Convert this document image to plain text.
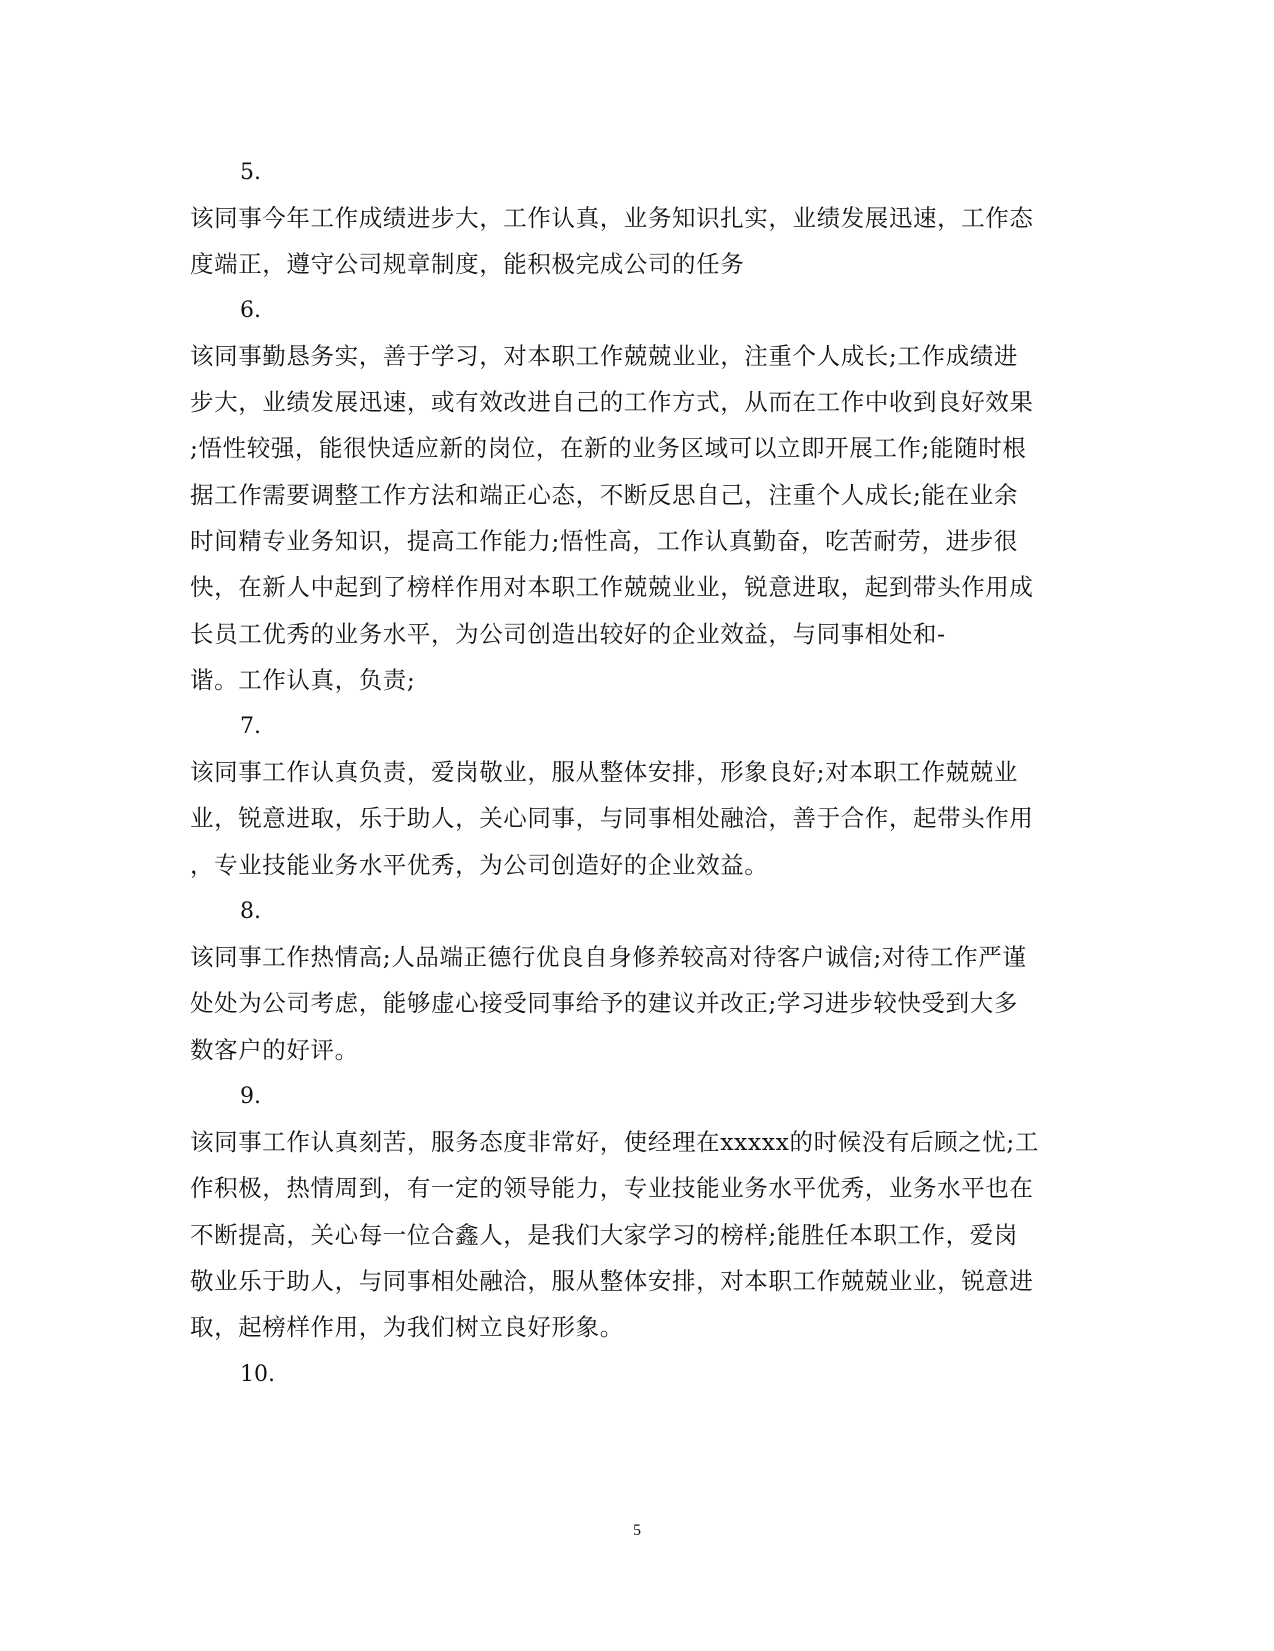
5.
该同事今年工作成绩进步大，工作认真，业务知识扎实，业绩发展迅速，工作态
度端正，遵守公司规章制度，能积极完成公司的任务
6.
该同事勤恳务实，善于学习，对本职工作兢兢业业，注重个人成长;工作成绩进
步大，业绩发展迅速，或有效改进自己的工作方式，从而在工作中收到良好效果
;悟性较强，能很快适应新的岗位，在新的业务区域可以立即开展工作;能随时根
据工作需要调整工作方法和端正心态，不断反思自己，注重个人成长;能在业余
时间精专业务知识，提高工作能力;悟性高，工作认真勤奋，吃苦耐劳，进步很
快，在新人中起到了榜样作用对本职工作兢兢业业，锐意进取，起到带头作用成
长员工优秀的业务水平，为公司创造出较好的企业效益，与同事相处和-
谐。工作认真，负责;
7.
该同事工作认真负责，爱岗敬业，服从整体安排，形象良好;对本职工作兢兢业
业，锐意进取，乐于助人，关心同事，与同事相处融洽，善于合作，起带头作用
，专业技能业务水平优秀，为公司创造好的企业效益。
8.
该同事工作热情高;人品端正德行优良自身修养较高对待客户诚信;对待工作严谨
处处为公司考虑，能够虚心接受同事给予的建议并改正;学习进步较快受到大多
数客户的好评。
9.
该同事工作认真刻苦，服务态度非常好，使经理在xxxxx的时候没有后顾之忧;工
作积极，热情周到，有一定的领导能力，专业技能业务水平优秀，业务水平也在
不断提高，关心每一位合鑫人，是我们大家学习的榜样;能胜任本职工作，爱岗
敬业乐于助人，与同事相处融洽，服从整体安排，对本职工作兢兢业业，锐意进
取，起榜样作用，为我们树立良好形象。
10.
5
